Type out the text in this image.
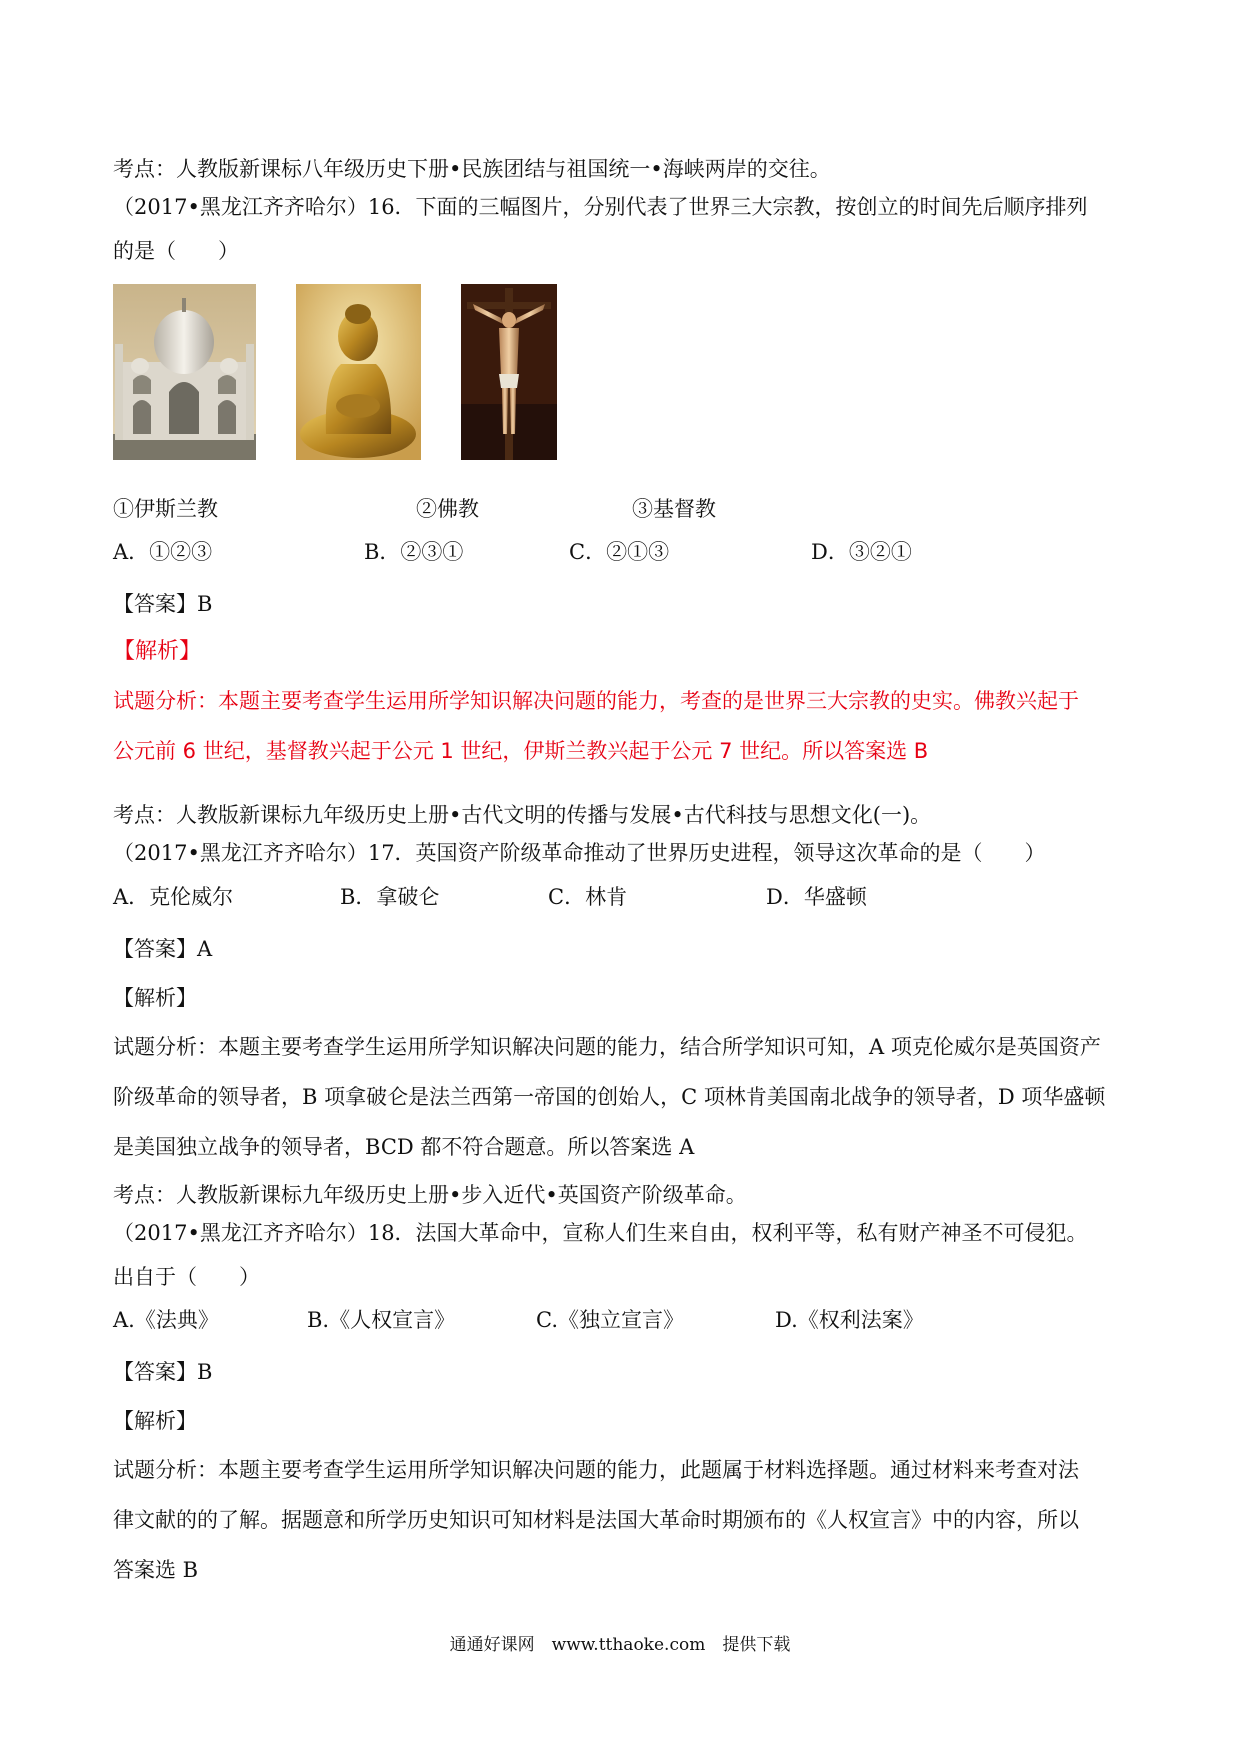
考点：人教版新课标八年级历史下册•民族团结与祖国统一•海峡两岸的交往。
（2017•黑龙江齐齐哈尔）16．下面的三幅图片，分别代表了世界三大宗教，按创立的时间先后顺序排列
的是（　　）
①伊斯兰教	②佛教	③基督教
A．①②③	B．②③①	C．②①③	D．③②①
【答案】B
【解析】
试题分析：本题主要考查学生运用所学知识解决问题的能力，考查的是世界三大宗教的史实。佛教兴起于
公元前 6 世纪，基督教兴起于公元 1 世纪，伊斯兰教兴起于公元 7 世纪。所以答案选 B
考点：人教版新课标九年级历史上册•古代文明的传播与发展•古代科技与思想文化(一)。
（2017•黑龙江齐齐哈尔）17．英国资产阶级革命推动了世界历史进程，领导这次革命的是（　　）
A．克伦威尔	B．拿破仑	C．林肯	D．华盛顿
【答案】A
【解析】
试题分析：本题主要考查学生运用所学知识解决问题的能力，结合所学知识可知，A 项克伦威尔是英国资产
阶级革命的领导者，B 项拿破仑是法兰西第一帝国的创始人，C 项林肯美国南北战争的领导者，D 项华盛顿
是美国独立战争的领导者，BCD 都不符合题意。所以答案选 A
考点：人教版新课标九年级历史上册•步入近代•英国资产阶级革命。
（2017•黑龙江齐齐哈尔）18．法国大革命中，宣称人们生来自由，权利平等，私有财产神圣不可侵犯。
出自于（　　）
A.《法典》	B.《人权宣言》	C.《独立宣言》	D.《权利法案》
【答案】B
【解析】
试题分析：本题主要考查学生运用所学知识解决问题的能力，此题属于材料选择题。通过材料来考查对法
律文献的的了解。据题意和所学历史知识可知材料是法国大革命时期颁布的《人权宣言》中的内容，所以
答案选 B
通通好课网　www.tthaoke.com　提供下载
